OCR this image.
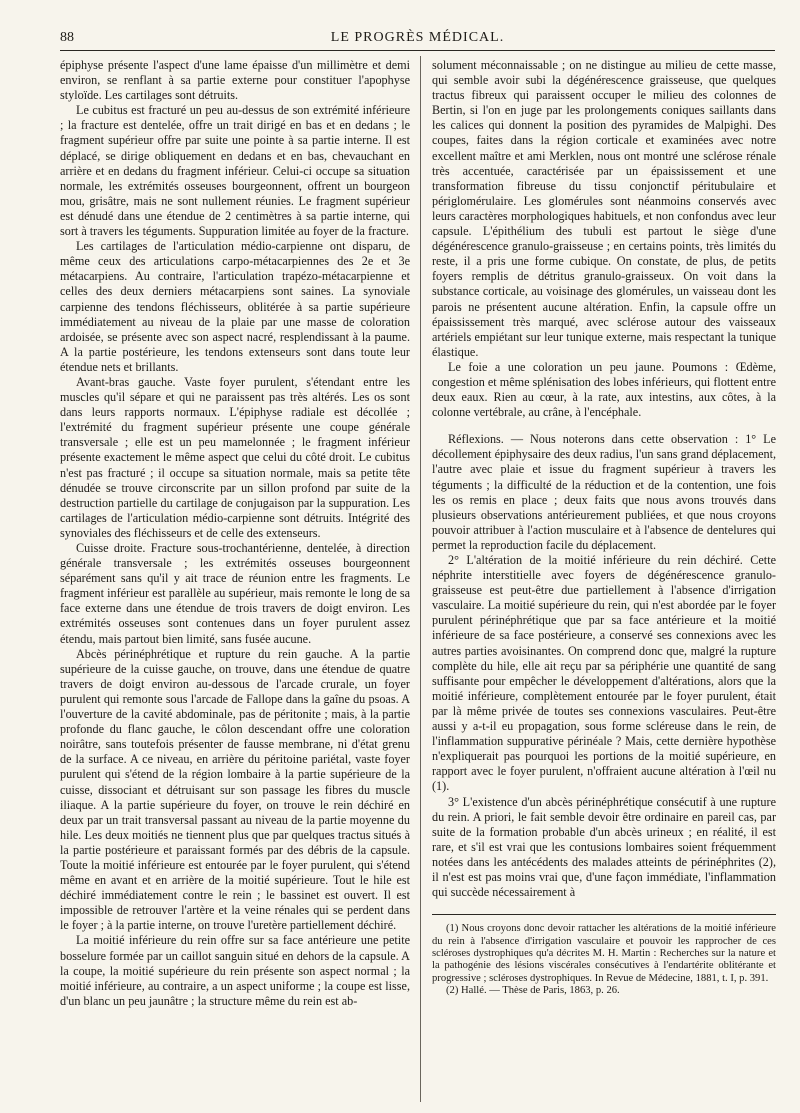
88	LE PROGRÈS MÉDICAL.

épiphyse présente l'aspect d'une lame épaisse d'un millimètre et demi environ, se renflant à sa partie externe pour constituer l'apophyse styloïde. Les cartilages sont détruits.

Le cubitus est fracturé un peu au-dessus de son extrémité inférieure ; la fracture est dentelée, offre un trait dirigé en bas et en dedans ; le fragment supérieur offre par suite une pointe à sa partie interne. Il est déplacé, se dirige obliquement en dedans et en bas, chevauchant en arrière et en dedans du fragment inférieur. Celui-ci occupe sa situation normale, les extrémités osseuses bourgeonnent, offrent un bourgeon mou, grisâtre, mais ne sont nullement réunies. Le fragment supérieur est dénudé dans une étendue de 2 centimètres à sa partie interne, qui sort à travers les téguments. Suppuration limitée au foyer de la fracture.

Les cartilages de l'articulation médio-carpienne ont disparu, de même ceux des articulations carpo-métacarpiennes des 2e et 3e métacarpiens. Au contraire, l'articulation trapézo-métacarpienne et celles des deux derniers métacarpiens sont saines. La synoviale carpienne des tendons fléchisseurs, oblitérée à sa partie supérieure immédiatement au niveau de la plaie par une masse de coloration ardoisée, se présente avec son aspect nacré, resplendissant à la paume. A la partie postérieure, les tendons extenseurs sont dans toute leur étendue nets et brillants.

Avant-bras gauche. Vaste foyer purulent, s'étendant entre les muscles qu'il sépare et qui ne paraissent pas très altérés. Les os sont dans leurs rapports normaux. L'épiphyse radiale est décollée ; l'extrémité du fragment supérieur présente une coupe générale transversale ; elle est un peu mamelonnée ; le fragment inférieur présente exactement le même aspect que celui du côté droit. Le cubitus n'est pas fracturé ; il occupe sa situation normale, mais sa petite tête dénudée se trouve circonscrite par un sillon profond par suite de la destruction partielle du cartilage de conjugaison par la suppuration. Les cartilages de l'articulation médio-carpienne sont détruits. Intégrité des synoviales des fléchisseurs et de celle des extenseurs.

Cuisse droite. Fracture sous-trochantérienne, dentelée, à direction générale transversale ; les extrémités osseuses bourgeonnent séparément sans qu'il y ait trace de réunion entre les fragments. Le fragment inférieur est parallèle au supérieur, mais remonte le long de sa face externe dans une étendue de trois travers de doigt environ. Les extrémités osseuses sont contenues dans un foyer purulent assez étendu, mais partout bien limité, sans fusée aucune.

Abcès périnéphrétique et rupture du rein gauche. A la partie supérieure de la cuisse gauche, on trouve, dans une étendue de quatre travers de doigt environ au-dessous de l'arcade crurale, un foyer purulent qui remonte sous l'arcade de Fallope dans la gaîne du psoas. A l'ouverture de la cavité abdominale, pas de péritonite ; mais, à la partie profonde du flanc gauche, le côlon descendant offre une coloration noirâtre, sans toutefois présenter de fausse membrane, ni d'état grenu de la surface. A ce niveau, en arrière du péritoine pariétal, vaste foyer purulent qui s'étend de la région lombaire à la partie supérieure de la cuisse, dissociant et détruisant sur son passage les fibres du muscle iliaque. A la partie supérieure du foyer, on trouve le rein déchiré en deux par un trait transversal passant au niveau de la partie moyenne du hile. Les deux moitiés ne tiennent plus que par quelques tractus situés à la partie postérieure et paraissant formés par des débris de la capsule. Toute la moitié inférieure est entourée par le foyer purulent, qui s'étend même en avant et en arrière de la moitié supérieure. Tout le hile est déchiré immédiatement contre le rein ; le bassinet est ouvert. Il est impossible de retrouver l'artère et la veine rénales qui se perdent dans le foyer ; à la partie interne, on trouve l'uretère partiellement déchiré.

La moitié inférieure du rein offre sur sa face antérieure une petite bosselure formée par un caillot sanguin situé en dehors de la capsule. A la coupe, la moitié supérieure du rein présente son aspect normal ; la moitié inférieure, au contraire, a un aspect uniforme ; la coupe est lisse, d'un blanc un peu jaunâtre ; la structure même du rein est ab-

solument méconnaissable ; on ne distingue au milieu de cette masse, qui semble avoir subi la dégénérescence graisseuse, que quelques tractus fibreux qui paraissent occuper le milieu des colonnes de Bertin, si l'on en juge par les prolongements coniques saillants dans les calices qui donnent la position des pyramides de Malpighi. Des coupes, faites dans la région corticale et examinées avec notre excellent maître et ami Merklen, nous ont montré une sclérose rénale très accentuée, caractérisée par un épaississement et une transformation fibreuse du tissu conjonctif péritubulaire et périglomérulaire. Les glomérules sont néanmoins conservés avec leurs caractères morphologiques habituels, et non confondus avec leur capsule. L'épithélium des tubuli est partout le siège d'une dégénérescence granulo-graisseuse ; en certains points, très limités du reste, il a pris une forme cubique. On constate, de plus, de petits foyers remplis de détritus granulo-graisseux. On voit dans la substance corticale, au voisinage des glomérules, un vaisseau dont les parois ne présentent aucune altération. Enfin, la capsule offre un épaississement très marqué, avec sclérose autour des vaisseaux artériels empiétant sur leur tunique externe, mais respectant la tunique élastique.

Le foie a une coloration un peu jaune. Poumons : Œdème, congestion et même splénisation des lobes inférieurs, qui flottent entre deux eaux. Rien au cœur, à la rate, aux intestins, aux côtes, à la colonne vertébrale, au crâne, à l'encéphale.

Réflexions. — Nous noterons dans cette observation : 1° Le décollement épiphysaire des deux radius, l'un sans grand déplacement, l'autre avec plaie et issue du fragment supérieur à travers les téguments ; la difficulté de la réduction et de la contention, une fois les os remis en place ; deux faits que nous avons trouvés dans plusieurs observations antérieurement publiées, et que nous croyons pouvoir attribuer à l'action musculaire et à l'absence de dentelures qui permet la reproduction facile du déplacement.

2° L'altération de la moitié inférieure du rein déchiré. Cette néphrite interstitielle avec foyers de dégénérescence granulo-graisseuse est peut-être due partiellement à l'absence d'irrigation vasculaire. La moitié supérieure du rein, qui n'est abordée par le foyer purulent périnéphrétique que par sa face antérieure et la moitié inférieure de sa face postérieure, a conservé ses connexions avec les autres parties avoisinantes. On comprend donc que, malgré la rupture complète du hile, elle ait reçu par sa périphérie une quantité de sang suffisante pour empêcher le développement d'altérations, alors que la moitié inférieure, complètement entourée par le foyer purulent, était par là même privée de toutes ses connexions vasculaires. Peut-être aussi y a-t-il eu propagation, sous forme scléreuse dans le rein, de l'inflammation suppurative périnéale ? Mais, cette dernière hypothèse n'expliquerait pas pourquoi les portions de la moitié supérieure, en rapport avec le foyer purulent, n'offraient aucune altération à l'œil nu (1).

3° L'existence d'un abcès périnéphrétique consécutif à une rupture du rein. A priori, le fait semble devoir être ordinaire en pareil cas, par suite de la formation probable d'un abcès urineux ; en réalité, il est rare, et s'il est vrai que les contusions lombaires soient fréquemment notées dans les antécédents des malades atteints de périnéphrites (2), il n'est est pas moins vrai que, d'une façon immédiate, l'inflammation qui succède nécessairement à

(1) Nous croyons donc devoir rattacher les altérations de la moitié inférieure du rein à l'absence d'irrigation vasculaire et pouvoir les rapprocher de ces scléroses dystrophiques qu'a décrites M. H. Martin : Recherches sur la nature et la pathogénie des lésions viscérales consécutives à l'endartérite oblitérante et progressive ; scléroses dystrophiques. In Revue de Médecine, 1881, t. I, p. 391.

(2) Hallé. — Thèse de Paris, 1863, p. 26.
